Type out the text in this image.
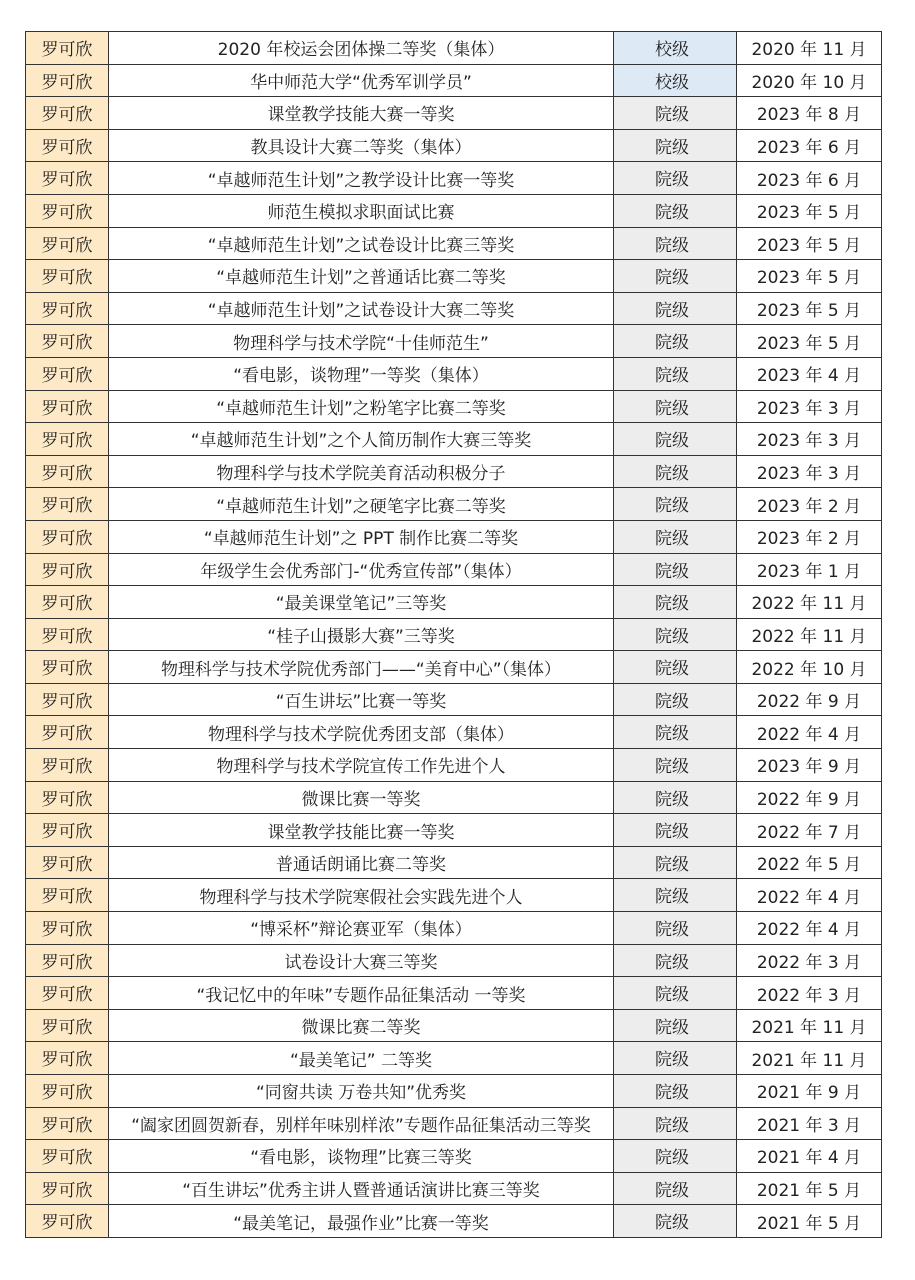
罗可欣	2020 年校运会团体操二等奖（集体）	校级	2020 年 11 月
罗可欣	华中师范大学“优秀军训学员”	校级	2020 年 10 月
罗可欣	课堂教学技能大赛一等奖	院级	2023 年 8 月
罗可欣	教具设计大赛二等奖（集体）	院级	2023 年 6 月
罗可欣	“卓越师范生计划”之教学设计比赛一等奖	院级	2023 年 6 月
罗可欣	师范生模拟求职面试比赛	院级	2023 年 5 月
罗可欣	“卓越师范生计划”之试卷设计比赛三等奖	院级	2023 年 5 月
罗可欣	“卓越师范生计划”之普通话比赛二等奖	院级	2023 年 5 月
罗可欣	“卓越师范生计划”之试卷设计大赛二等奖	院级	2023 年 5 月
罗可欣	物理科学与技术学院“十佳师范生”	院级	2023 年 5 月
罗可欣	“看电影，谈物理”一等奖（集体）	院级	2023 年 4 月
罗可欣	“卓越师范生计划”之粉笔字比赛二等奖	院级	2023 年 3 月
罗可欣	“卓越师范生计划”之个人简历制作大赛三等奖	院级	2023 年 3 月
罗可欣	物理科学与技术学院美育活动积极分子	院级	2023 年 3 月
罗可欣	“卓越师范生计划”之硬笔字比赛二等奖	院级	2023 年 2 月
罗可欣	“卓越师范生计划”之 PPT 制作比赛二等奖	院级	2023 年 2 月
罗可欣	年级学生会优秀部门-“优秀宣传部”（集体）	院级	2023 年 1 月
罗可欣	“最美课堂笔记”三等奖	院级	2022 年 11 月
罗可欣	“桂子山摄影大赛”三等奖	院级	2022 年 11 月
罗可欣	物理科学与技术学院优秀部门——“美育中心”（集体）	院级	2022 年 10 月
罗可欣	“百生讲坛”比赛一等奖	院级	2022 年 9 月
罗可欣	物理科学与技术学院优秀团支部（集体）	院级	2022 年 4 月
罗可欣	物理科学与技术学院宣传工作先进个人	院级	2023 年 9 月
罗可欣	微课比赛一等奖	院级	2022 年 9 月
罗可欣	课堂教学技能比赛一等奖	院级	2022 年 7 月
罗可欣	普通话朗诵比赛二等奖	院级	2022 年 5 月
罗可欣	物理科学与技术学院寒假社会实践先进个人	院级	2022 年 4 月
罗可欣	“博采杯”辩论赛亚军（集体）	院级	2022 年 4 月
罗可欣	试卷设计大赛三等奖	院级	2022 年 3 月
罗可欣	“我记忆中的年味”专题作品征集活动 一等奖	院级	2022 年 3 月
罗可欣	微课比赛二等奖	院级	2021 年 11 月
罗可欣	“最美笔记” 二等奖	院级	2021 年 11 月
罗可欣	“同窗共读 万卷共知”优秀奖	院级	2021 年 9 月
罗可欣	“阖家团圆贺新春，别样年味别样浓”专题作品征集活动三等奖	院级	2021 年 3 月
罗可欣	“看电影，谈物理”比赛三等奖	院级	2021 年 4 月
罗可欣	“百生讲坛”优秀主讲人暨普通话演讲比赛三等奖	院级	2021 年 5 月
罗可欣	“最美笔记，最强作业”比赛一等奖	院级	2021 年 5 月
